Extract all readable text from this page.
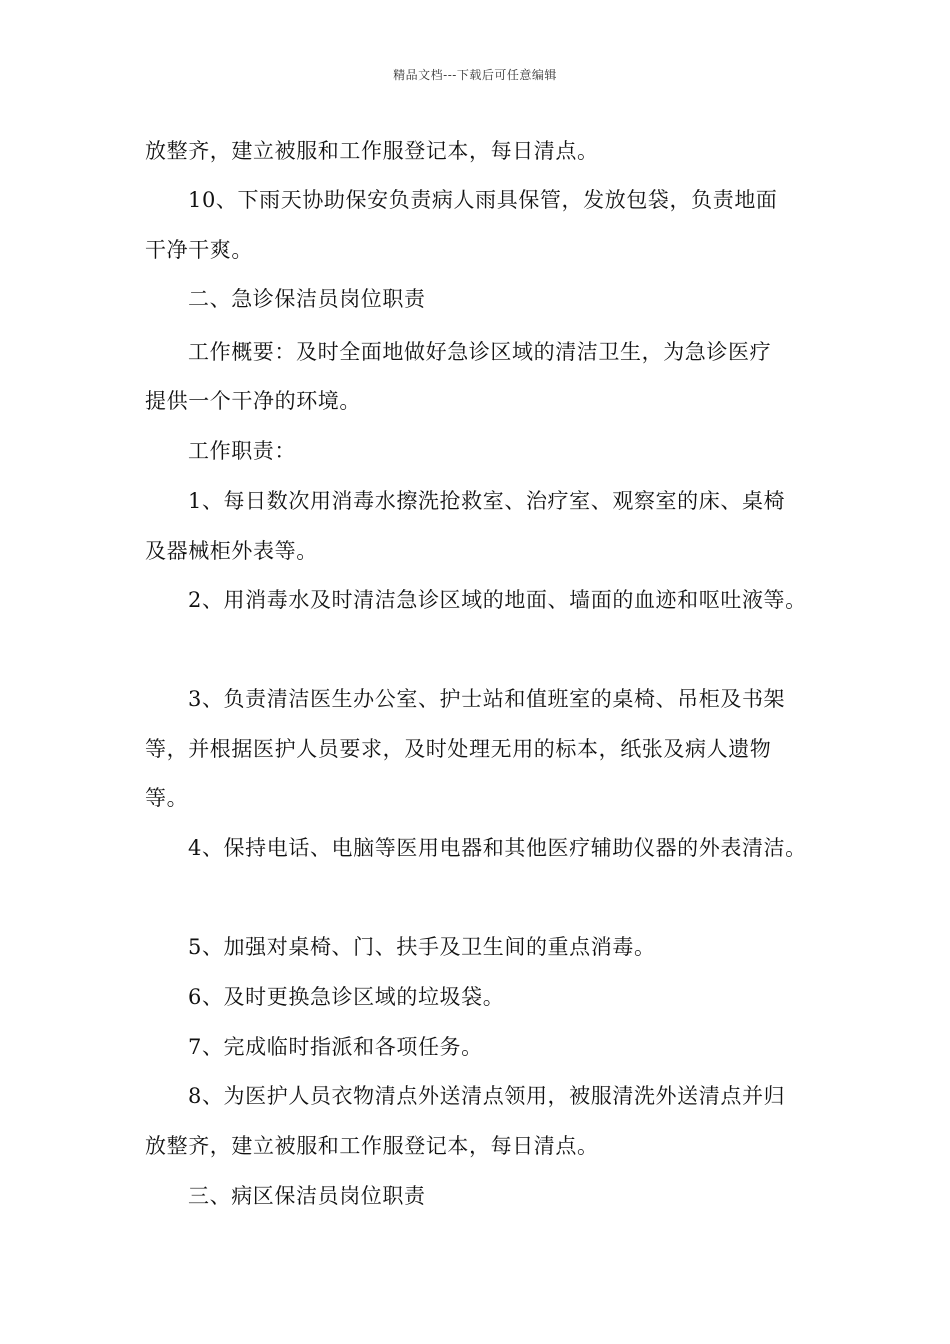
精品文档---下载后可任意编辑
放整齐，建立被服和工作服登记本，每日清点。
10、下雨天协助保安负责病人雨具保管，发放包袋，负责地面
干净干爽。
二、急诊保洁员岗位职责
工作概要：及时全面地做好急诊区域的清洁卫生，为急诊医疗
提供一个干净的环境。
工作职责：
1、每日数次用消毒水擦洗抢救室、治疗室、观察室的床、桌椅
及器械柜外表等。
2、用消毒水及时清洁急诊区域的地面、墙面的血迹和呕吐液等。
3、负责清洁医生办公室、护士站和值班室的桌椅、吊柜及书架
等，并根据医护人员要求，及时处理无用的标本，纸张及病人遗物
等。
4、保持电话、电脑等医用电器和其他医疗辅助仪器的外表清洁。
5、加强对桌椅、门、扶手及卫生间的重点消毒。
6、及时更换急诊区域的垃圾袋。
7、完成临时指派和各项任务。
8、为医护人员衣物清点外送清点领用，被服清洗外送清点并归
放整齐，建立被服和工作服登记本，每日清点。
三、病区保洁员岗位职责
